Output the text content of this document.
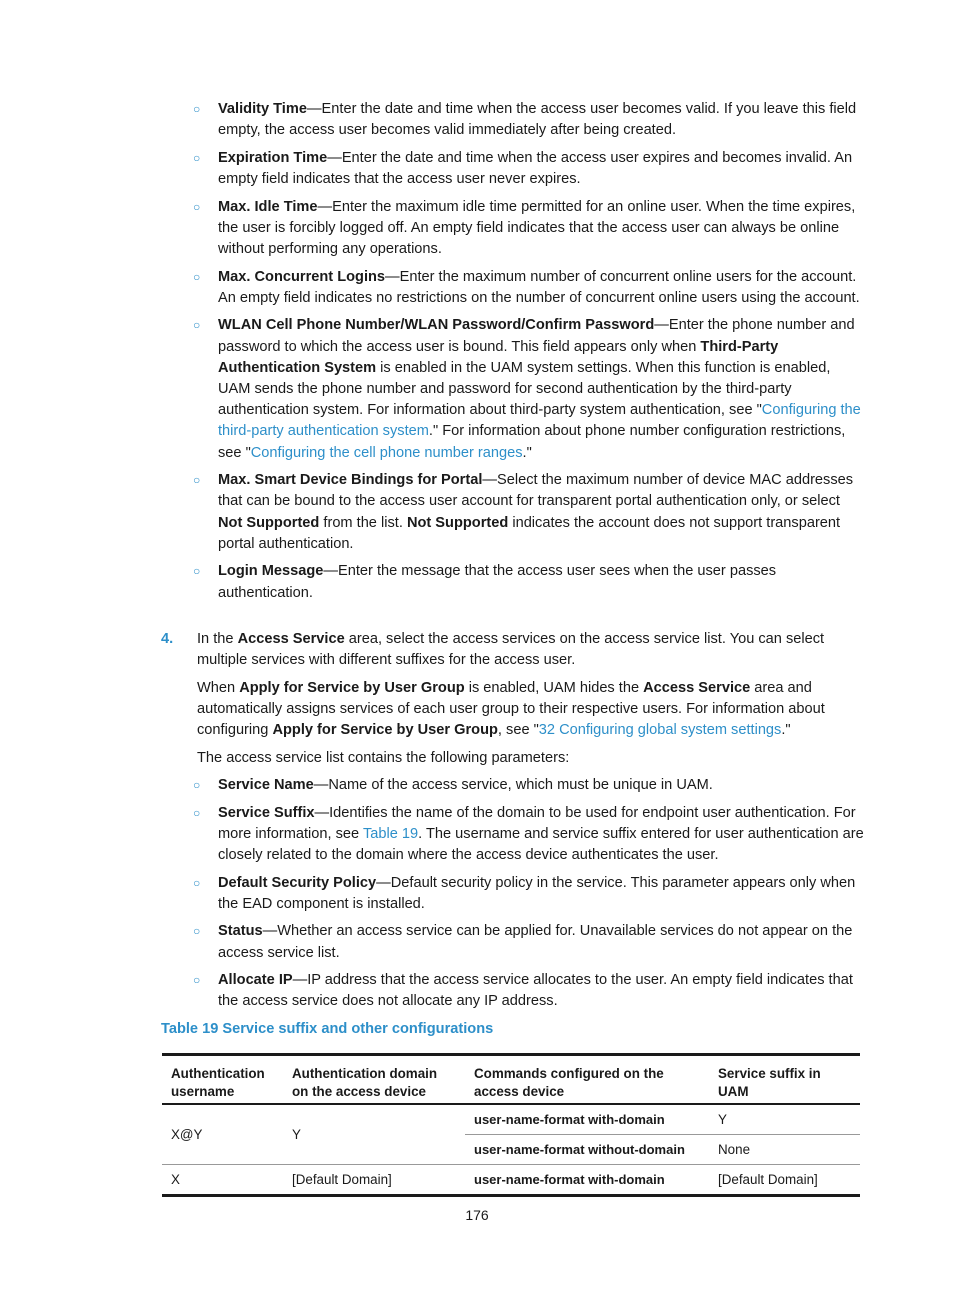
○ Validity Time—Enter the date and time when the access user becomes valid. If you leave this field empty, the access user becomes valid immediately after being created.
○ Expiration Time—Enter the date and time when the access user expires and becomes invalid. An empty field indicates that the access user never expires.
○ Max. Idle Time—Enter the maximum idle time permitted for an online user. When the time expires, the user is forcibly logged off. An empty field indicates that the access user can always be online without performing any operations.
○ Max. Concurrent Logins—Enter the maximum number of concurrent online users for the account. An empty field indicates no restrictions on the number of concurrent online users using the account.
○ WLAN Cell Phone Number/WLAN Password/Confirm Password—Enter the phone number and password to which the access user is bound. This field appears only when Third-Party Authentication System is enabled in the UAM system settings. When this function is enabled, UAM sends the phone number and password for second authentication by the third-party authentication system. For information about third-party system authentication, see "Configuring the third-party authentication system." For information about phone number configuration restrictions, see "Configuring the cell phone number ranges."
○ Max. Smart Device Bindings for Portal—Select the maximum number of device MAC addresses that can be bound to the access user account for transparent portal authentication only, or select Not Supported from the list. Not Supported indicates the account does not support transparent portal authentication.
○ Login Message—Enter the message that the access user sees when the user passes authentication.
4. In the Access Service area, select the access services on the access service list. You can select multiple services with different suffixes for the access user.

When Apply for Service by User Group is enabled, UAM hides the Access Service area and automatically assigns services of each user group to their respective users. For information about configuring Apply for Service by User Group, see "32 Configuring global system settings."

The access service list contains the following parameters:

○ Service Name—Name of the access service, which must be unique in UAM.
○ Service Suffix—Identifies the name of the domain to be used for endpoint user authentication. For more information, see Table 19. The username and service suffix entered for user authentication are closely related to the domain where the access device authenticates the user.
○ Default Security Policy—Default security policy in the service. This parameter appears only when the EAD component is installed.
○ Status—Whether an access service can be applied for. Unavailable services do not appear on the access service list.
○ Allocate IP—IP address that the access service allocates to the user. An empty field indicates that the access service does not allocate any IP address.
Table 19 Service suffix and other configurations
Authentication username	Authentication domain on the access device	Commands configured on the access device	Service suffix in UAM
X@Y	Y	user-name-format with-domain	Y
		user-name-format without-domain	None
X	[Default Domain]	user-name-format with-domain	[Default Domain]
176
